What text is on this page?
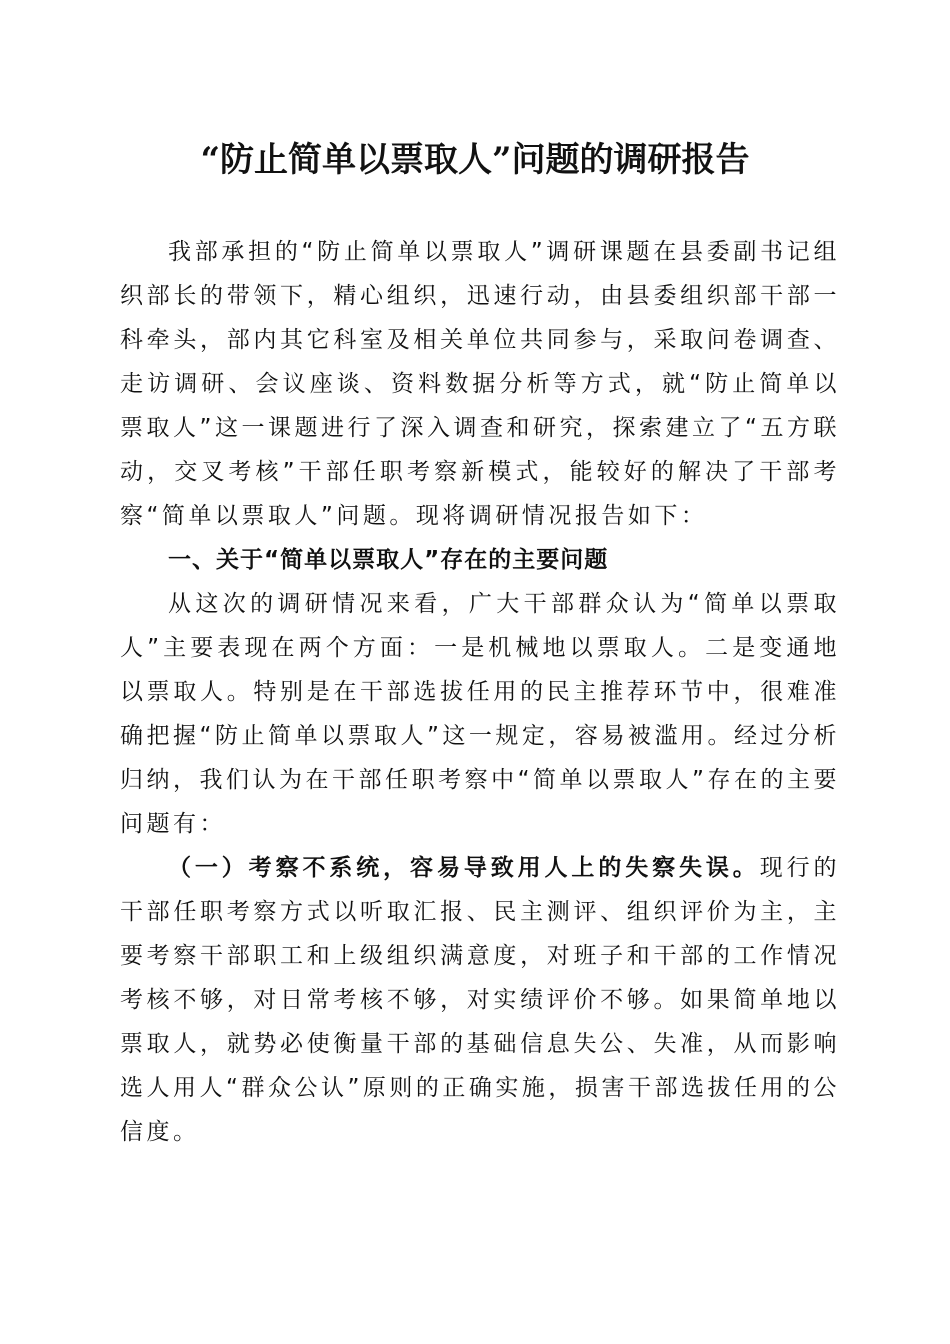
“防止简单以票取人”问题的调研报告

我部承担的“防止简单以票取人”调研课题在县委副书记组织部长的带领下，精心组织，迅速行动，由县委组织部干部一科牵头，部内其它科室及相关单位共同参与，采取问卷调查、走访调研、会议座谈、资料数据分析等方式，就“防止简单以票取人”这一课题进行了深入调查和研究，探索建立了“五方联动，交叉考核”干部任职考察新模式，能较好的解决了干部考察“简单以票取人”问题。现将调研情况报告如下：

一、关于“简单以票取人”存在的主要问题

从这次的调研情况来看，广大干部群众认为“简单以票取人”主要表现在两个方面：一是机械地以票取人。二是变通地以票取人。特别是在干部选拔任用的民主推荐环节中，很难准确把握“防止简单以票取人”这一规定，容易被滥用。经过分析归纳，我们认为在干部任职考察中“简单以票取人”存在的主要问题有：

（一）考察不系统，容易导致用人上的失察失误。现行的干部任职考察方式以听取汇报、民主测评、组织评价为主，主要考察干部职工和上级组织满意度，对班子和干部的工作情况考核不够，对日常考核不够，对实绩评价不够。如果简单地以票取人，就势必使衡量干部的基础信息失公、失准，从而影响选人用人“群众公认”原则的正确实施，损害干部选拔任用的公信度。
